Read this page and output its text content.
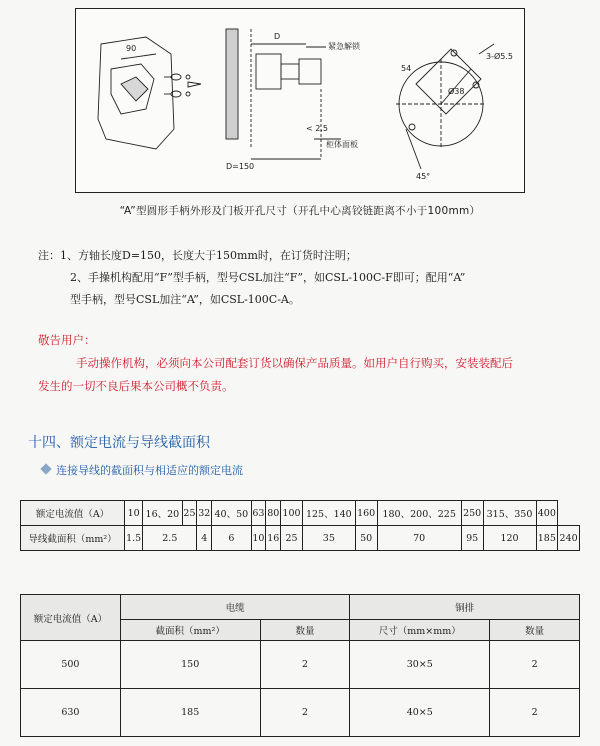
90
D
紧急解锁
< 2.5
D=150
柜体面板
54
3-Ø5.5
Ø38
45°
“A”型圆形手柄外形及门板开孔尺寸（开孔中心离铰链距离不小于100mm）

注：1、方轴长度D=150，长度大于150mm时，在订货时注明；

2、手操机构配用“F”型手柄，型号CSL加注“F”，如CSL-100C-F即可；配用“A”

型手柄，型号CSL加注“A”，如CSL-100C-A。

敬告用户：

手动操作机构，必须向本公司配套订货以确保产品质量。如用户自行购买，安装装配后

发生的一切不良后果本公司概不负责。

十四、额定电流与导线截面积
连接导线的截面积与相适应的额定电流
额定电流值（A）	10	16、20	25	32	40、50	63	80	100	125、140	160	180、200、225	250	315、350	400	
导线截面积（mm²）	1.5	2.5		4	6	10	16	25	35	50	70	95	120	185	240
额定电流值（A）	电缆		铜排	
	截面积（mm²）	数量	尺寸（mm×mm）	数量
500	150	2	30×5	2
630	185	2	40×5	2
